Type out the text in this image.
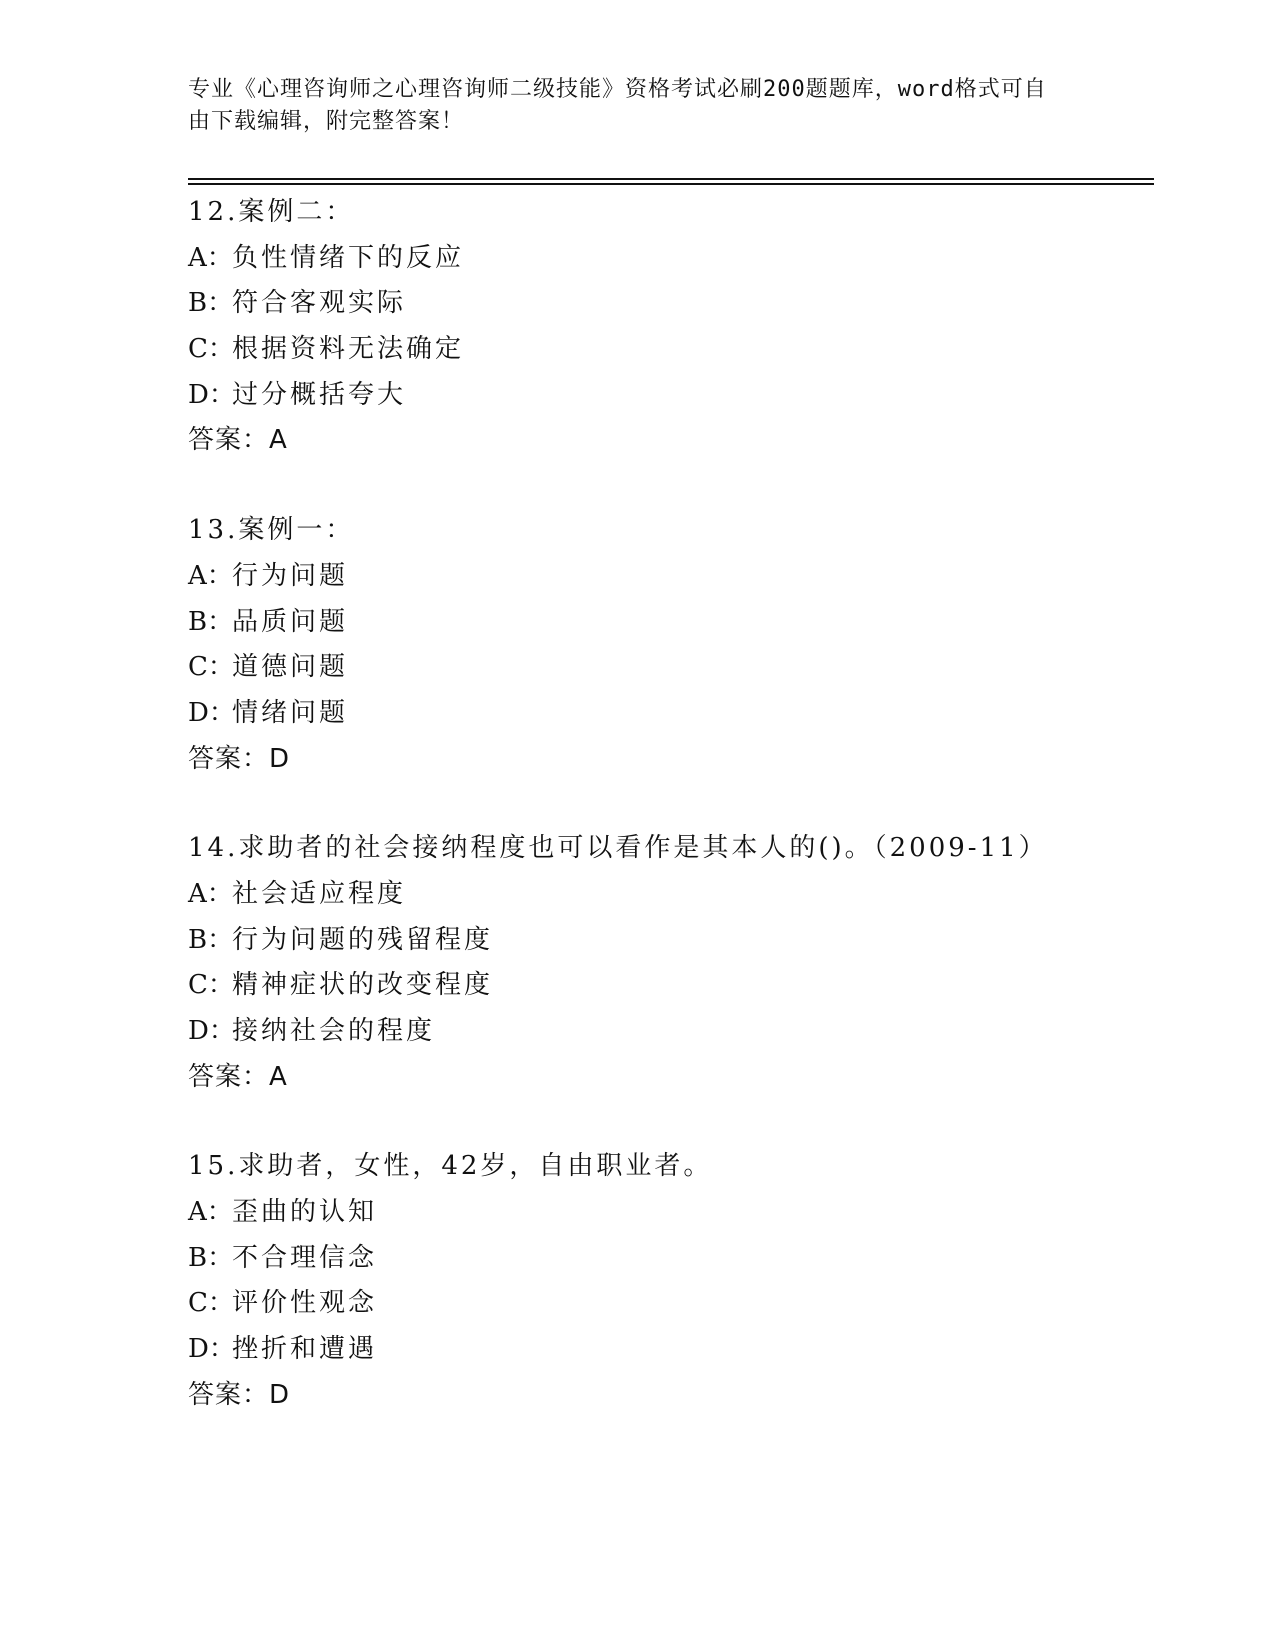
专业《心理咨询师之心理咨询师二级技能》资格考试必刷200题题库，word格式可自由下载编辑，附完整答案！
12.案例二：
A：负性情绪下的反应
B：符合客观实际
C：根据资料无法确定
D：过分概括夸大
答案：A
13.案例一：
A：行为问题
B：品质问题
C：道德问题
D：情绪问题
答案：D
14.求助者的社会接纳程度也可以看作是其本人的()。（2009-11）
A：社会适应程度
B：行为问题的残留程度
C：精神症状的改变程度
D：接纳社会的程度
答案：A
15.求助者，女性，42岁，自由职业者。
A：歪曲的认知
B：不合理信念
C：评价性观念
D：挫折和遭遇
答案：D
